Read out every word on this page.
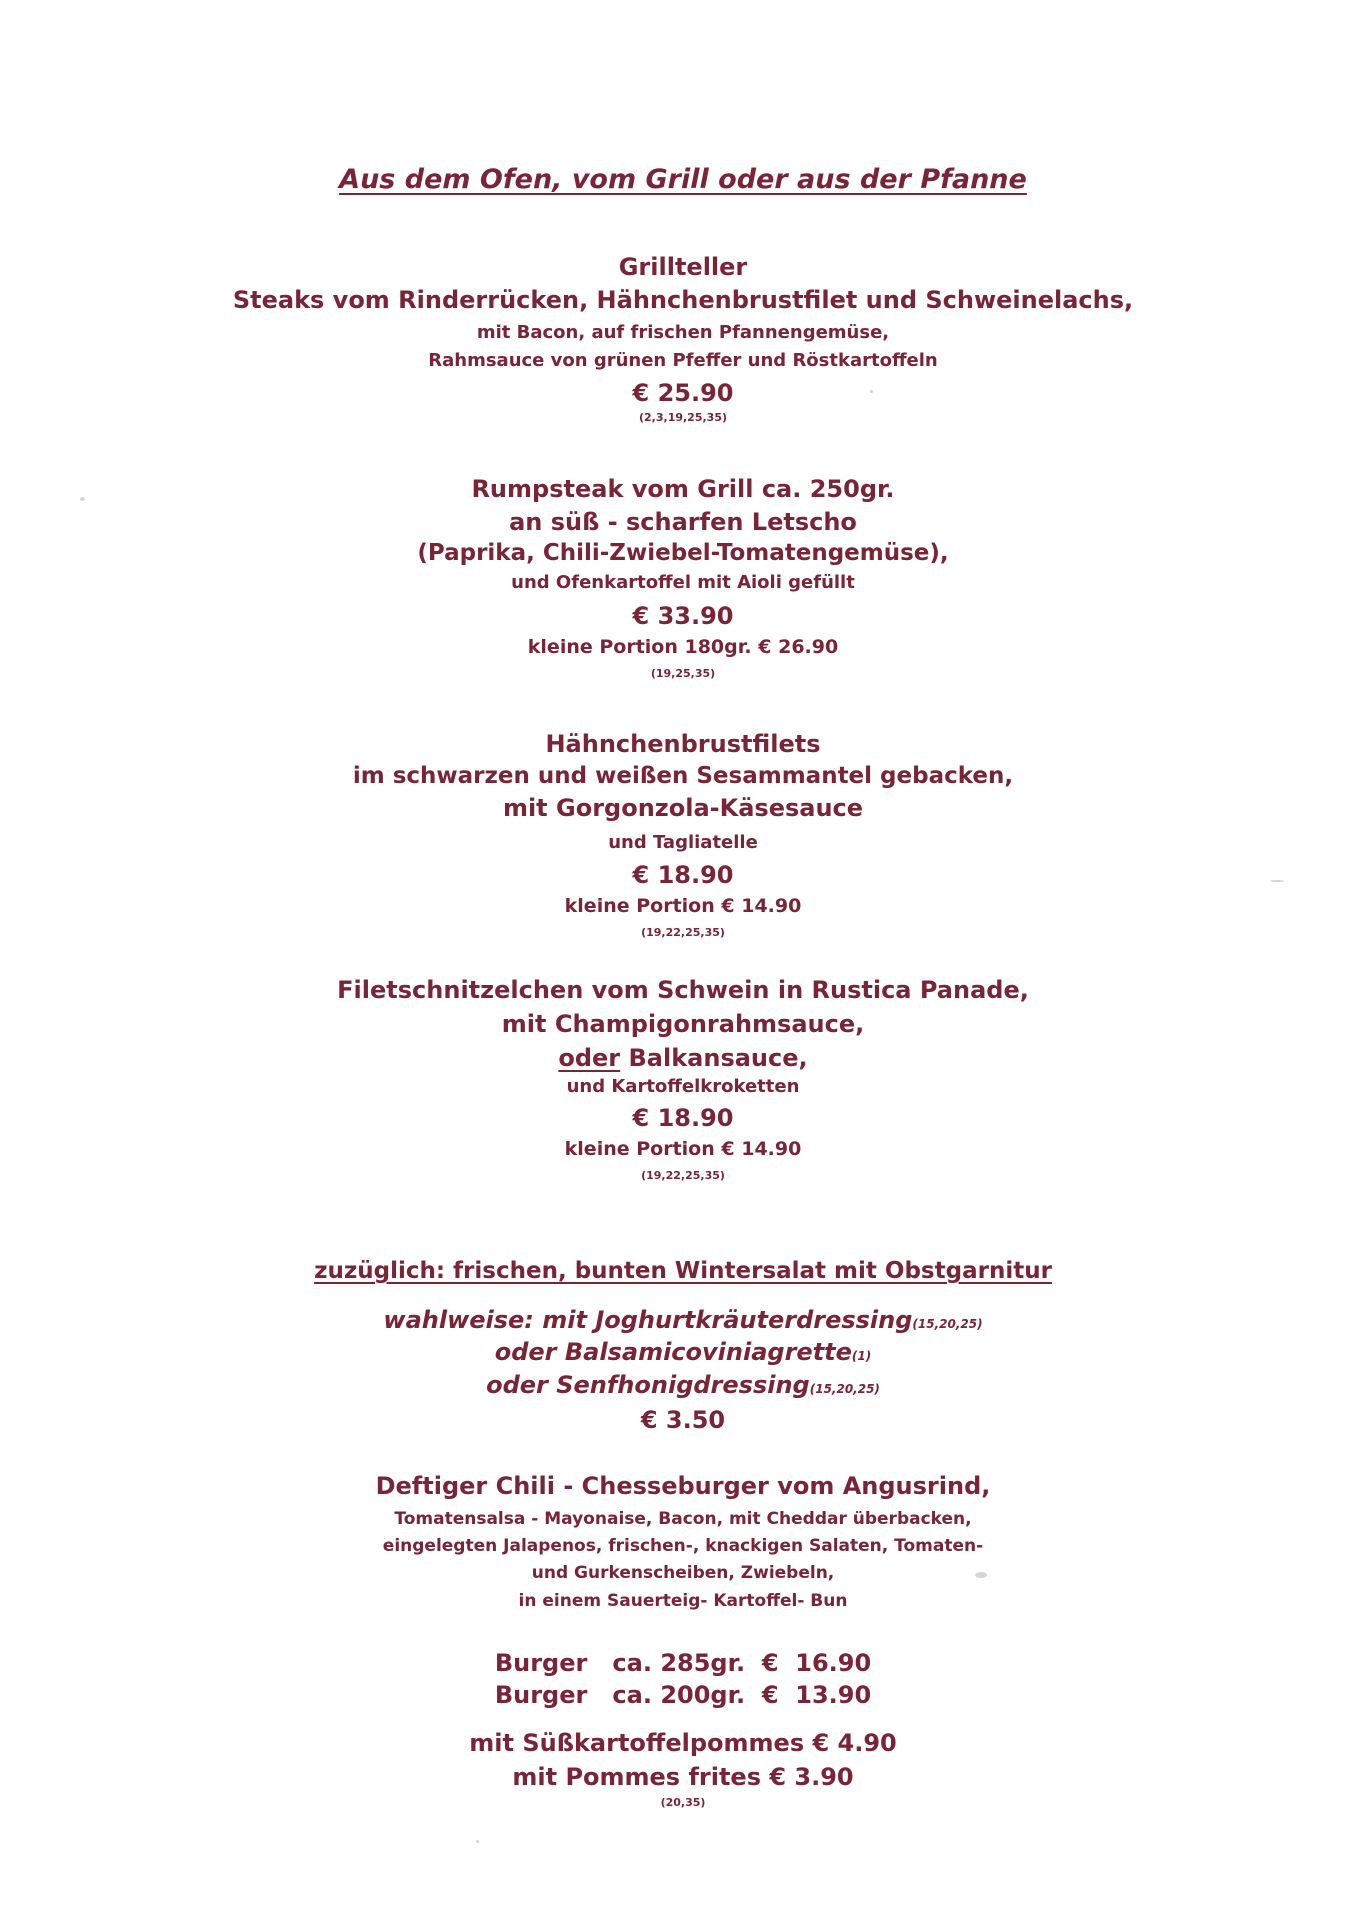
Aus dem Ofen, vom Grill oder aus der Pfanne
Grillteller
Steaks vom Rinderrücken, Hähnchenbrustfilet und Schweinelachs,
mit Bacon, auf frischen Pfannengemüse,
Rahmsauce von grünen Pfeffer und Röstkartoffeln
€ 25.90
(2,3,19,25,35)
Rumpsteak vom Grill ca. 250gr.
an süß - scharfen Letscho
(Paprika, Chili-Zwiebel-Tomatengemüse),
und Ofenkartoffel mit Aioli gefüllt
€ 33.90
kleine Portion 180gr. € 26.90
(19,25,35)
Hähnchenbrustfilets
im schwarzen und weißen Sesammantel gebacken,
mit Gorgonzola-Käsesauce
und Tagliatelle
€ 18.90
kleine Portion € 14.90
(19,22,25,35)
Filetschnitzelchen vom Schwein in Rustica Panade,
mit Champigonrahmsauce,
oder Balkansauce,
und Kartoffelkroketten
€ 18.90
kleine Portion € 14.90
(19,22,25,35)
zuzüglich: frischen, bunten Wintersalat mit Obstgarnitur
wahlweise: mit Joghurtkräuterdressing(15,20,25)
oder Balsamicoviniagrette(1)
oder Senfhonigdressing(15,20,25)
€ 3.50
Deftiger Chili - Chesseburger vom Angusrind,
Tomatensalsa - Mayonaise, Bacon, mit Cheddar überbacken,
eingelegten Jalapenos, frischen-, knackigen Salaten, Tomaten-
und Gurkenscheiben, Zwiebeln,
in einem Sauerteig- Kartoffel- Bun
Burger   ca. 285gr.  €  16.90
Burger   ca. 200gr.  €  13.90
mit Süßkartoffelpommes € 4.90
mit Pommes frites € 3.90
(20,35)
